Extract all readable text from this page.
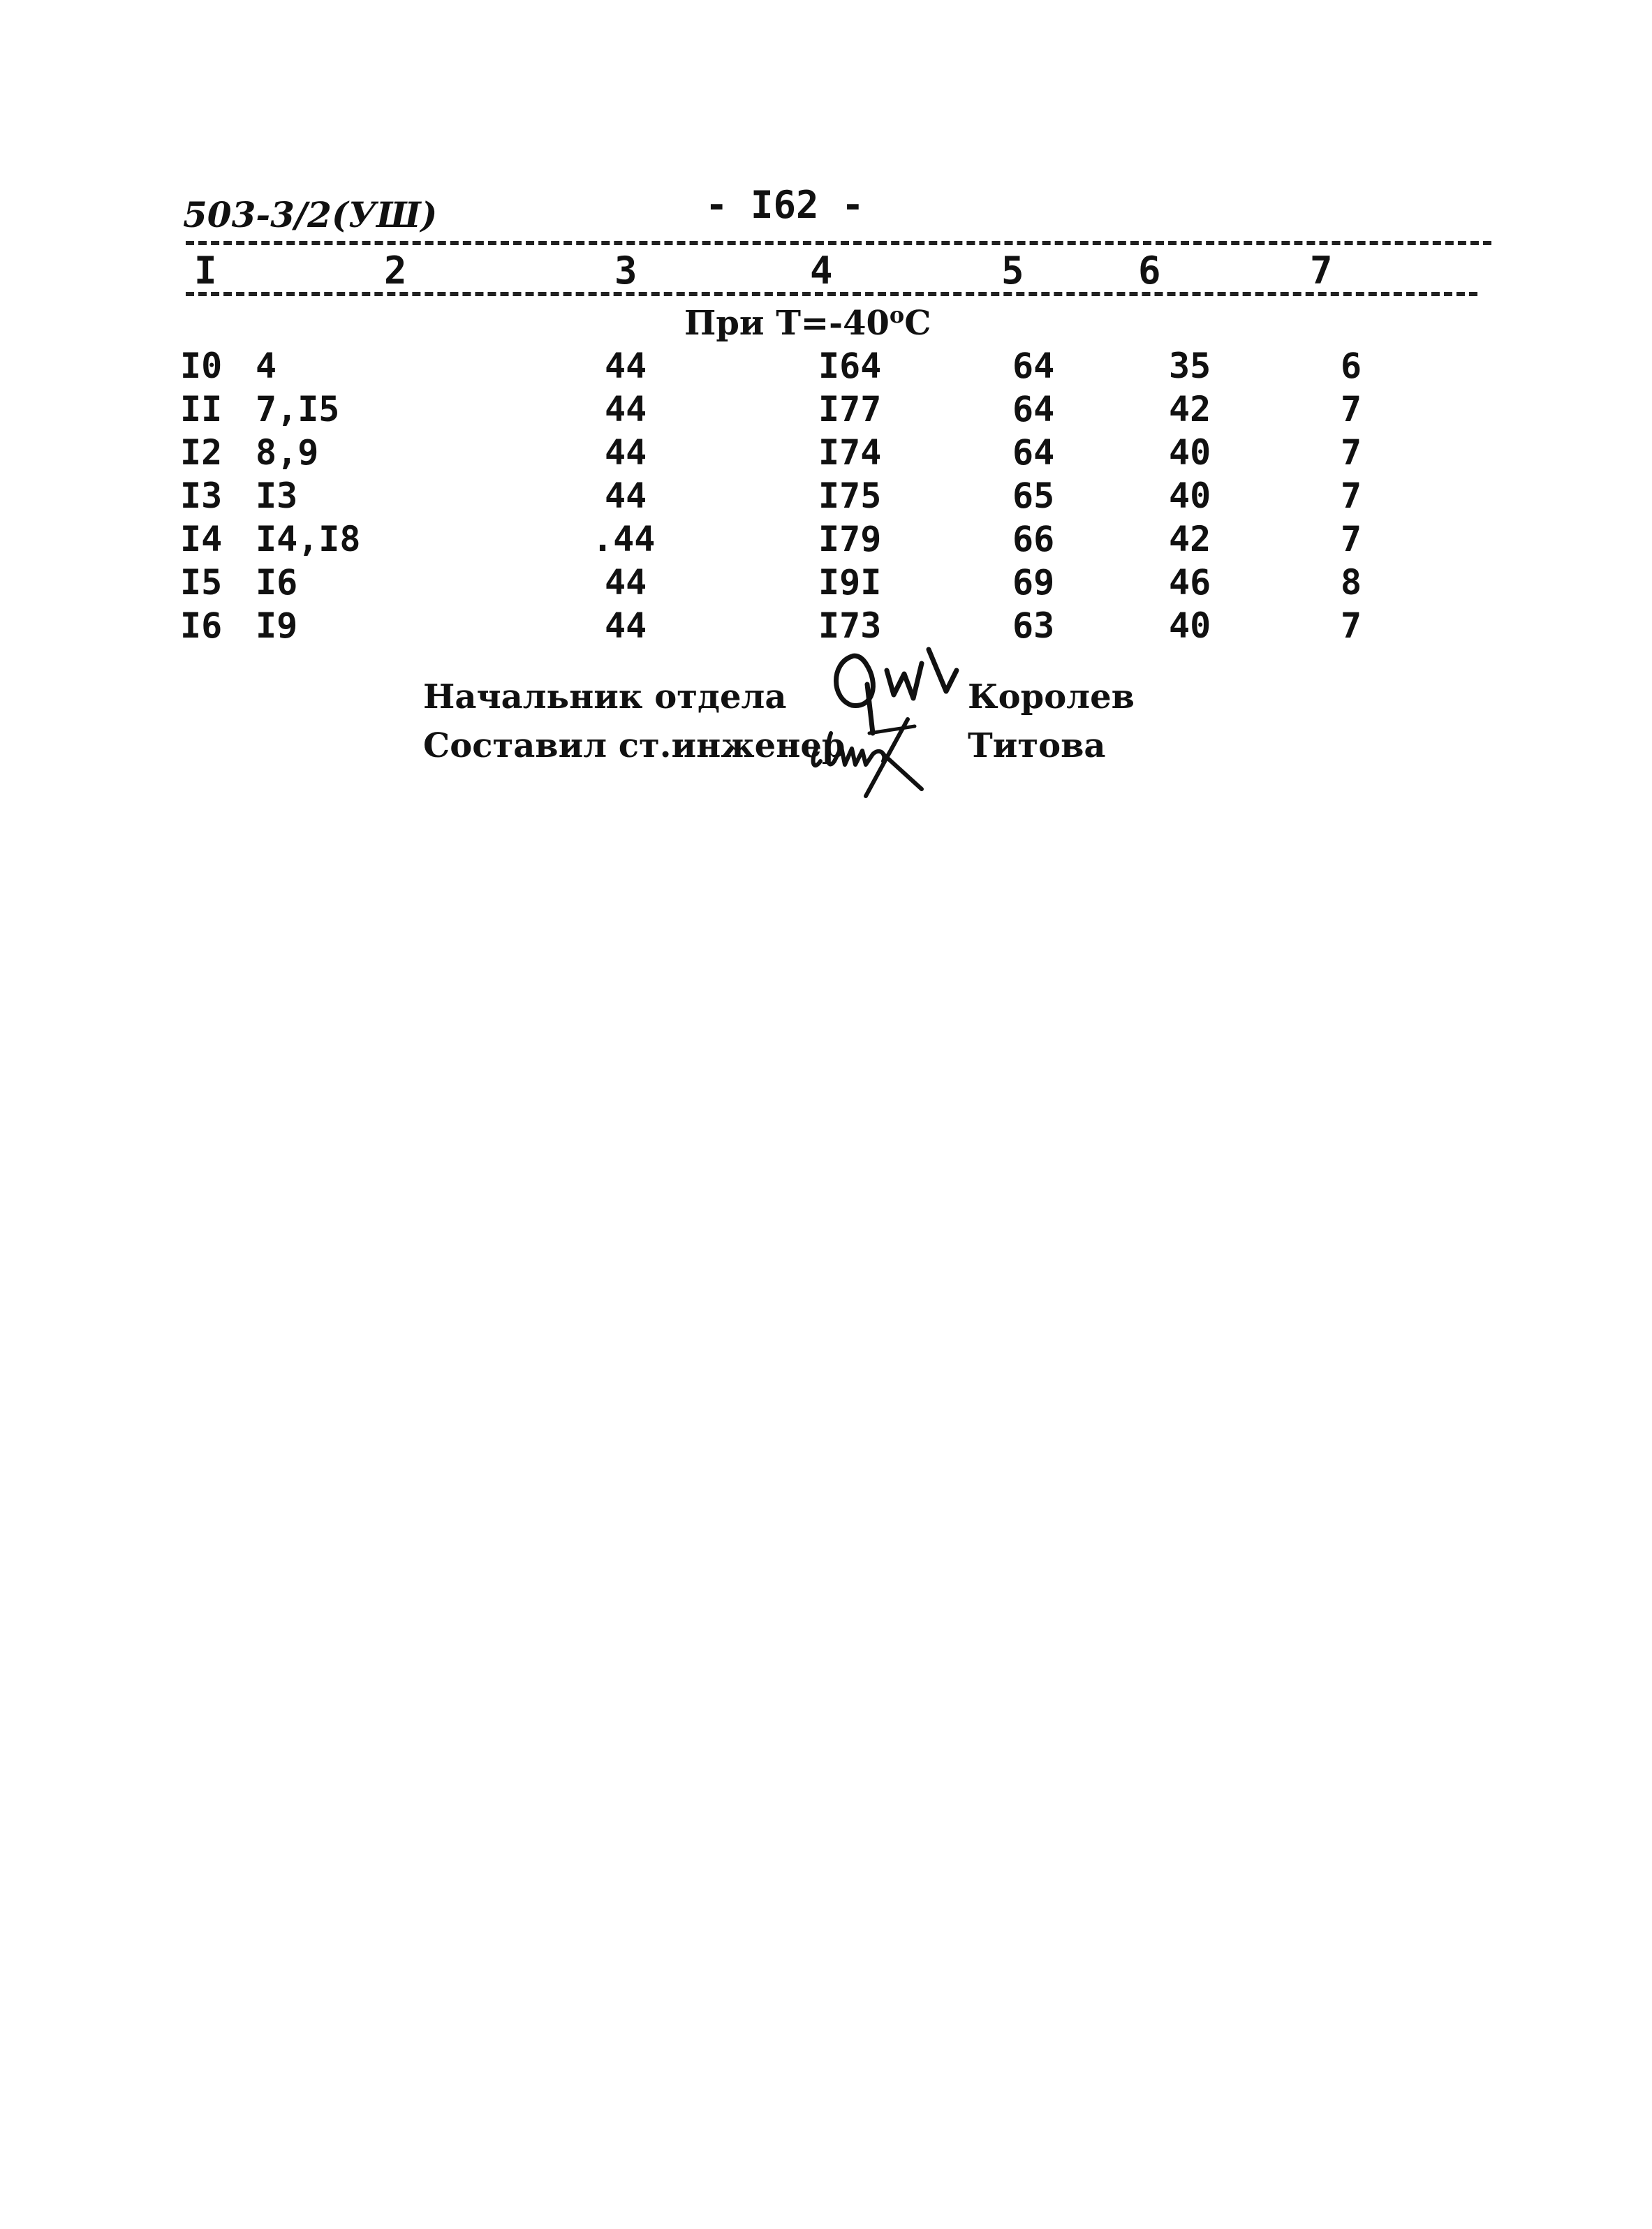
503-3/2(УШ)	- I62 -
I	2	3	4	5	6	7
При $Т=-40^oС$
I0 4	44	I64	64	35	6
II 7,I5	44	I77	64	42	7
I2 8,9	44	I74	64	40	7
I3 I3	44	I75	65	40	7
I4 I4,I8	.44	I79	66	42	7
I5 I6	44	I9I	69	46	8
I6 I9	44	I73	63	40	7
Начальник отдела	Королев
Составил ст.инженер	Титова
